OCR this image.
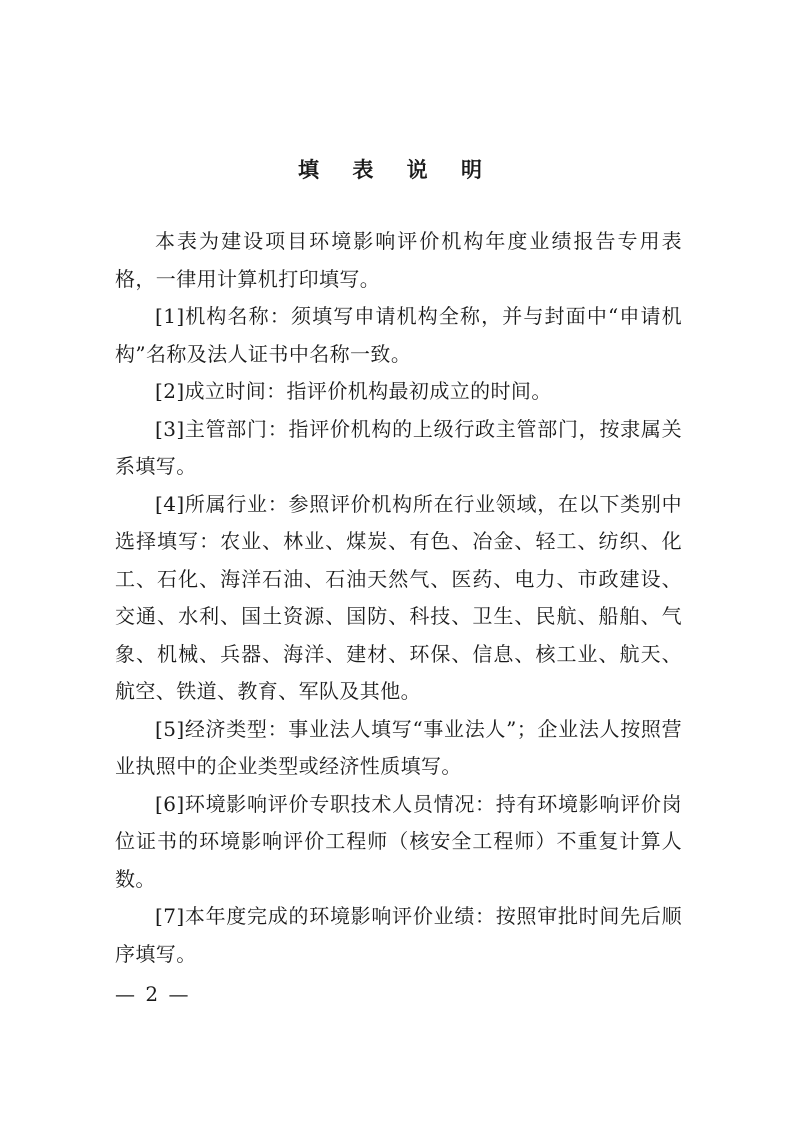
填 表 说 明

本表为建设项目环境影响评价机构年度业绩报告专用表格，一律用计算机打印填写。

[1]机构名称：须填写申请机构全称，并与封面中“申请机构”名称及法人证书中名称一致。

[2]成立时间：指评价机构最初成立的时间。

[3]主管部门：指评价机构的上级行政主管部门，按隶属关系填写。

[4]所属行业：参照评价机构所在行业领域，在以下类别中选择填写：农业、林业、煤炭、有色、冶金、轻工、纺织、化工、石化、海洋石油、石油天然气、医药、电力、市政建设、交通、水利、国土资源、国防、科技、卫生、民航、船舶、气象、机械、兵器、海洋、建材、环保、信息、核工业、航天、航空、铁道、教育、军队及其他。

[5]经济类型：事业法人填写“事业法人”；企业法人按照营业执照中的企业类型或经济性质填写。

[6]环境影响评价专职技术人员情况：持有环境影响评价岗位证书的环境影响评价工程师（核安全工程师）不重复计算人数。

[7]本年度完成的环境影响评价业绩：按照审批时间先后顺序填写。

— 2 —
